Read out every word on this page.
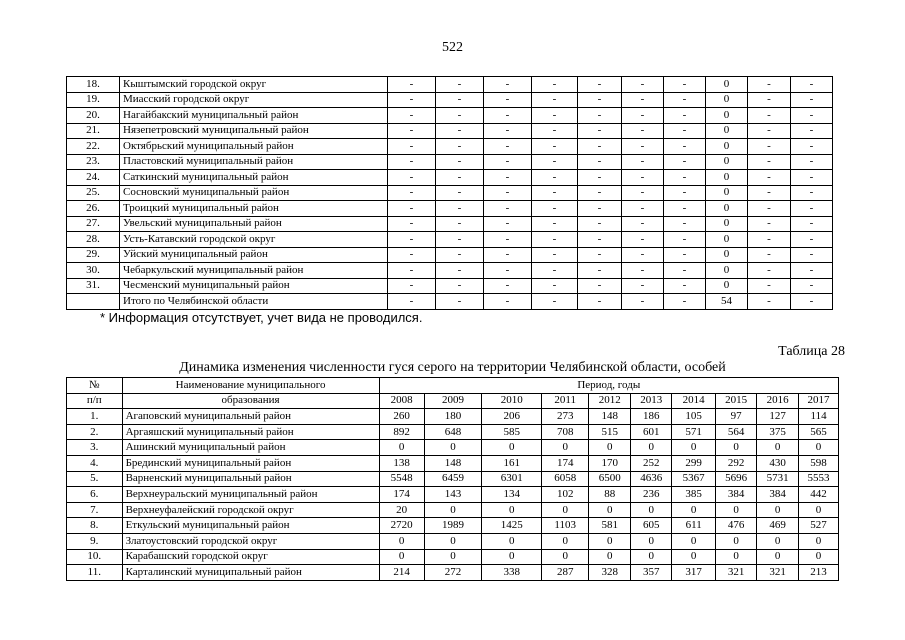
522
18.	Кыштымский городской округ	-	-	-	-	-	-	-	0	-	-
19.	Миасский городской округ	-	-	-	-	-	-	-	0	-	-
20.	Нагайбакский муниципальный район	-	-	-	-	-	-	-	0	-	-
21.	Нязепетровский муниципальный район	-	-	-	-	-	-	-	0	-	-
22.	Октябрьский муниципальный район	-	-	-	-	-	-	-	0	-	-
23.	Пластовский муниципальный район	-	-	-	-	-	-	-	0	-	-
24.	Саткинский муниципальный район	-	-	-	-	-	-	-	0	-	-
25.	Сосновский муниципальный район	-	-	-	-	-	-	-	0	-	-
26.	Троицкий муниципальный район	-	-	-	-	-	-	-	0	-	-
27.	Увельский муниципальный район	-	-	-	-	-	-	-	0	-	-
28.	Усть-Катавский городской округ	-	-	-	-	-	-	-	0	-	-
29.	Уйский муниципальный район	-	-	-	-	-	-	-	0	-	-
30.	Чебаркульский муниципальный район	-	-	-	-	-	-	-	0	-	-
31.	Чесменский муниципальный район	-	-	-	-	-	-	-	0	-	-
	Итого по Челябинской области	-	-	-	-	-	-	-	54	-	-
* Информация отсутствует, учет вида не проводился.
Таблица 28
Динамика изменения численности гуся серого на территории Челябинской области, особей
№	Наименование муниципального	Период, годы									
п/п	образования	2008	2009	2010	2011	2012	2013	2014	2015	2016	2017
1.	Агаповский муниципальный район	260	180	206	273	148	186	105	97	127	114
2.	Аргаяшский муниципальный район	892	648	585	708	515	601	571	564	375	565
3.	Ашинский муниципальный район	0	0	0	0	0	0	0	0	0	0
4.	Брединский муниципальный район	138	148	161	174	170	252	299	292	430	598
5.	Варненский муниципальный район	5548	6459	6301	6058	6500	4636	5367	5696	5731	5553
6.	Верхнеуральский муниципальный район	174	143	134	102	88	236	385	384	384	442
7.	Верхнеуфалейский городской округ	20	0	0	0	0	0	0	0	0	0
8.	Еткульский муниципальный район	2720	1989	1425	1103	581	605	611	476	469	527
9.	Златоустовский городской округ	0	0	0	0	0	0	0	0	0	0
10.	Карабашский городской округ	0	0	0	0	0	0	0	0	0	0
11.	Карталинский муниципальный район	214	272	338	287	328	357	317	321	321	213
